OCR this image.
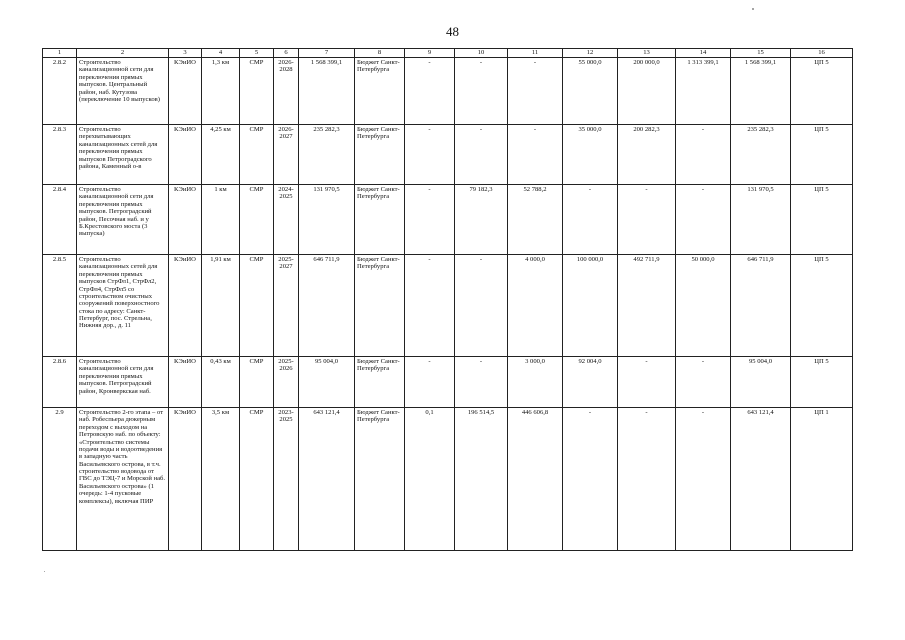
48
1	2	3	4	5	6	7	8	9	10	11	12	13	14	15	16
2.8.2	Строительство канализационной сети для переключения прямых выпусков. Центральный район, наб. Кутузова (переключение 10 выпусков)	КЭиИО	1,3 км	СМР	2026-2028	1 568 399,1	Бюджет Санкт-Петербурга	-	-	-	55 000,0	200 000,0	1 313 399,1	1 568 399,1	ЦП 5
2.8.3	Строительство перехватывающих канализационных сетей для переключения прямых выпусков Петроградского района, Каменный о-в	КЭиИО	4,25 км	СМР	2026-2027	235 282,3	Бюджет Санкт-Петербурга	-	-	-	35 000,0	200 282,3	-	235 282,3	ЦП 5
2.8.4	Строительство канализационной сети для переключения прямых выпусков. Петроградский район, Песочная наб. и у Б.Крестовского моста (3 выпуска)	КЭиИО	1 км	СМР	2024-2025	131 970,5	Бюджет Санкт-Петербурга	-	79 182,3	52 788,2	-	-	-	131 970,5	ЦП 5
2.8.5	Строительство канализационных сетей для переключения прямых выпусков СтрФл1, СтрФл2, СтрФл4, СтрФл5 со строительством очистных сооружений поверхностного стока по адресу: Санкт-Петербург, пос. Стрельна, Нижняя дор., д. 11	КЭиИО	1,91 км	СМР	2025-2027	646 711,9	Бюджет Санкт-Петербурга	-	-	4 000,0	100 000,0	492 711,9	50 000,0	646 711,9	ЦП 5
2.8.6	Строительство канализационной сети для переключения прямых выпусков. Петроградский район, Кронверкская наб.	КЭиИО	0,43 км	СМР	2025-2026	95 004,0	Бюджет Санкт-Петербурга	-	-	3 000,0	92 004,0	-	-	95 004,0	ЦП 5
2.9	Строительство 2-го этапа – от наб. Робеспьера дюкерным переходом с выходом на Петровскую наб. по объекту: «Строительство системы подачи воды и водоотведения в западную часть Васильевского острова, в т.ч. строительство водовода от ГВС до ТЭЦ-7 и Морской наб. Васильевского острова» (1 очередь: 1-4 пусковые комплексы), включая ПИР	КЭиИО	3,5 км	СМР	2023-2025	643 121,4	Бюджет Санкт-Петербурга	0,1	196 514,5	446 606,8	-	-	-	643 121,4	ЦП 1
